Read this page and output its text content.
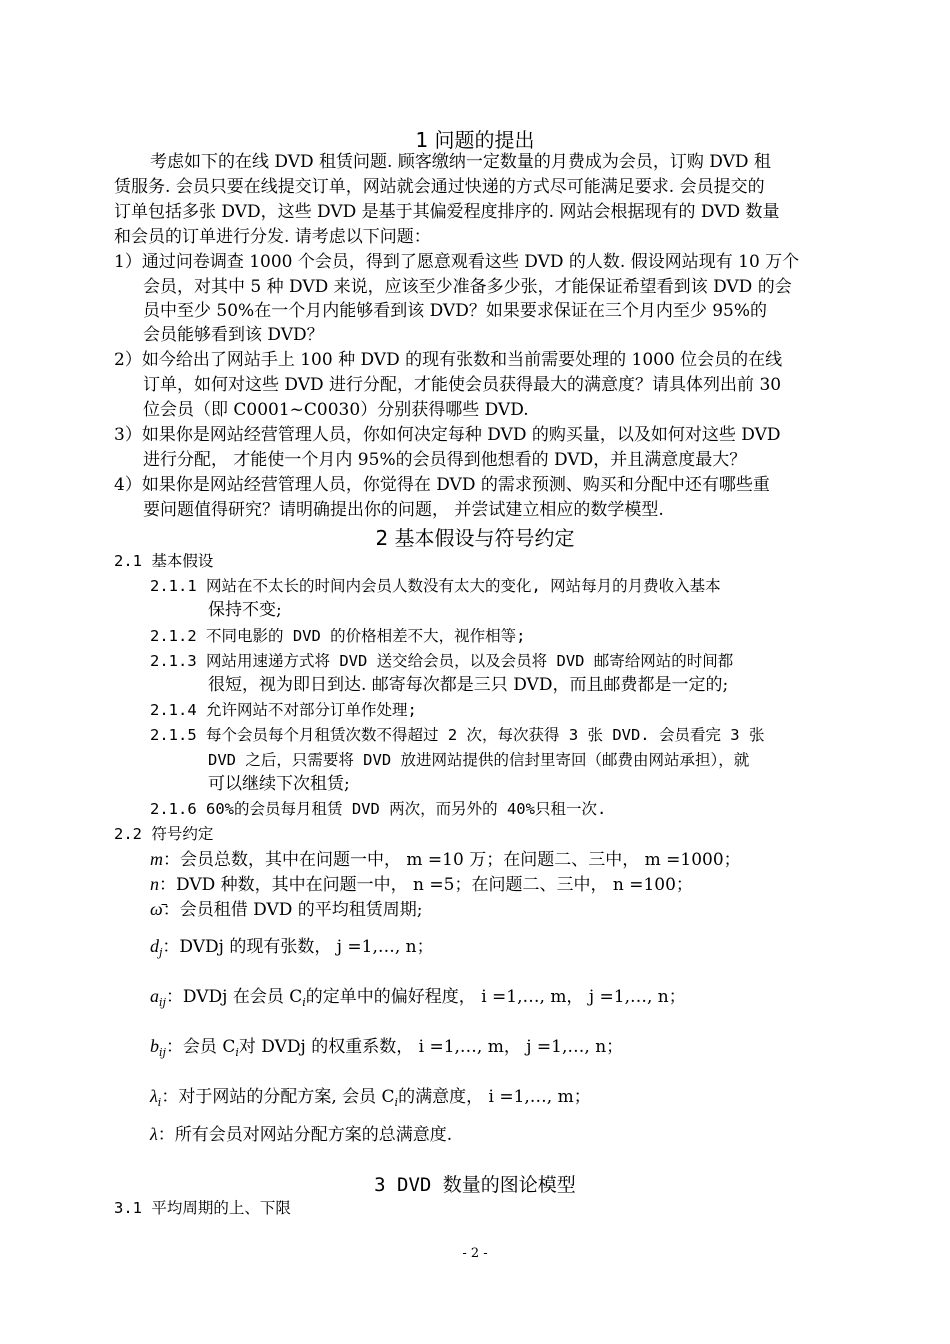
1 问题的提出
考虑如下的在线 DVD 租赁问题. 顾客缴纳一定数量的月费成为会员，订购 DVD 租
赁服务. 会员只要在线提交订单，网站就会通过快递的方式尽可能满足要求. 会员提交的
订单包括多张 DVD，这些 DVD 是基于其偏爱程度排序的. 网站会根据现有的 DVD 数量
和会员的订单进行分发. 请考虑以下问题：
1）通过问卷调查 1000 个会员，得到了愿意观看这些 DVD 的人数. 假设网站现有 10 万个
会员，对其中 5 种 DVD 来说，应该至少准备多少张，才能保证希望看到该 DVD 的会
员中至少 50%在一个月内能够看到该 DVD？如果要求保证在三个月内至少 95%的
会员能够看到该 DVD？
2）如今给出了网站手上 100 种 DVD 的现有张数和当前需要处理的 1000 位会员的在线
订单，如何对这些 DVD 进行分配，才能使会员获得最大的满意度？请具体列出前 30
位会员（即 C0001~C0030）分别获得哪些 DVD.
3）如果你是网站经营管理人员，你如何决定每种 DVD 的购买量，以及如何对这些 DVD
进行分配， 才能使一个月内 95%的会员得到他想看的 DVD，并且满意度最大？
4）如果你是网站经营管理人员，你觉得在 DVD 的需求预测、购买和分配中还有哪些重
要问题值得研究？请明确提出你的问题， 并尝试建立相应的数学模型.
2 基本假设与符号约定
2.1 基本假设
2.1.1 网站在不太长的时间内会员人数没有太大的变化, 网站每月的月费收入基本
保持不变;
2.1.2 不同电影的 DVD 的价格相差不大，视作相等;
2.1.3 网站用速递方式将 DVD 送交给会员，以及会员将 DVD 邮寄给网站的时间都
很短，视为即日到达. 邮寄每次都是三只 DVD，而且邮费都是一定的;
2.1.4 允许网站不对部分订单作处理;
2.1.5 每个会员每个月租赁次数不得超过 2 次，每次获得 3 张 DVD. 会员看完 3 张
DVD 之后，只需要将 DVD 放进网站提供的信封里寄回（邮费由网站承担），就
可以继续下次租赁;
2.1.6 60%的会员每月租赁 DVD 两次，而另外的 40%只租一次.
2.2 符号约定
m：会员总数，其中在问题一中， m =10 万；在问题二、三中， m =1000；
n：DVD 种数，其中在问题一中， n =5；在问题二、三中， n =100；
ω̄：会员租借 DVD 的平均租赁周期;
$d_j$：DVDj 的现有张数， j =1,…, n；
$a_{ij}$：DVDj 在会员 $C_i$的定单中的偏好程度， i =1,…, m， j =1,…, n；
$b_{ij}$：会员 $C_i$对 DVDj 的权重系数， i =1,…, m， j =1,…, n；
$\lambda_i$：对于网站的分配方案, 会员 $C_i$的满意度， i =1,…, m；
λ：所有会员对网站分配方案的总满意度.
3 DVD 数量的图论模型
3.1 平均周期的上、下限
- 2 -
